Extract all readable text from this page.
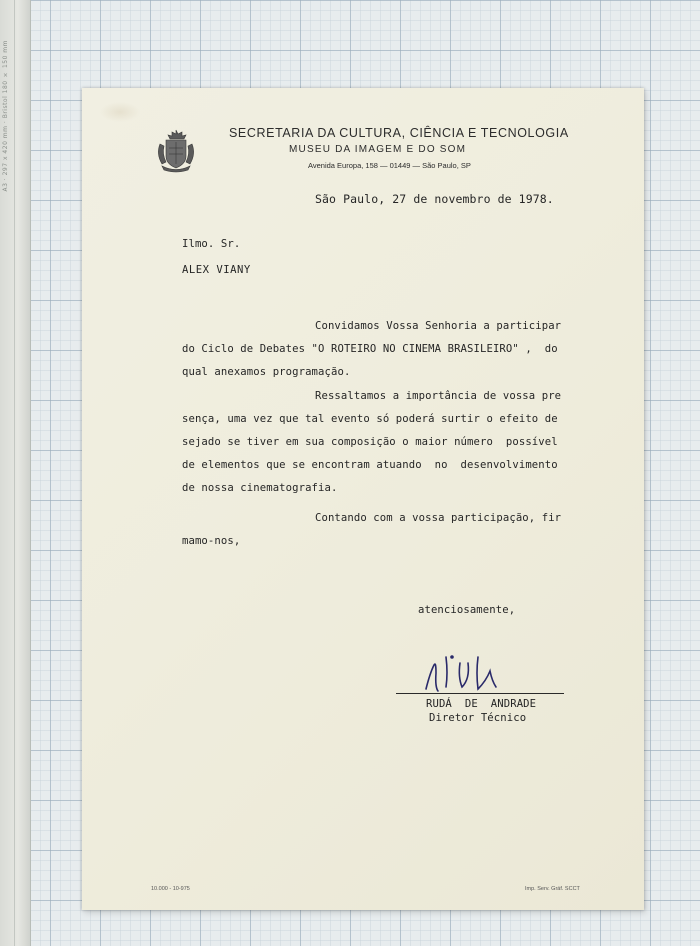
A3 · 297 x 420 mm · Bristol 180 × 150 mm	SECRETARIA DA CULTURA, CIÊNCIA E TECNOLOGIA
MUSEU DA IMAGEM E DO SOM
Avenida Europa, 158 — 01449 — São Paulo, SP
São Paulo, 27 de novembro de 1978.
Ilmo. Sr.
ALEX VIANY

Convidamos Vossa Senhoria a participar

do Ciclo de Debates "O ROTEIRO NO CINEMA BRASILEIRO" ,  do

qual anexamos programação.

Ressaltamos a importância de vossa pre

sença, uma vez que tal evento só poderá surtir o efeito de

sejado se tiver em sua composição o maior número  possível

de elementos que se encontram atuando  no  desenvolvimento

de nossa cinematografia.

Contando com a vossa participação, fir

mamo-nos,

atenciosamente,
RUDÁ  DE  ANDRADE
Diretor Técnico
10.000 - 10-975	Imp. Serv. Gráf. SCCT
